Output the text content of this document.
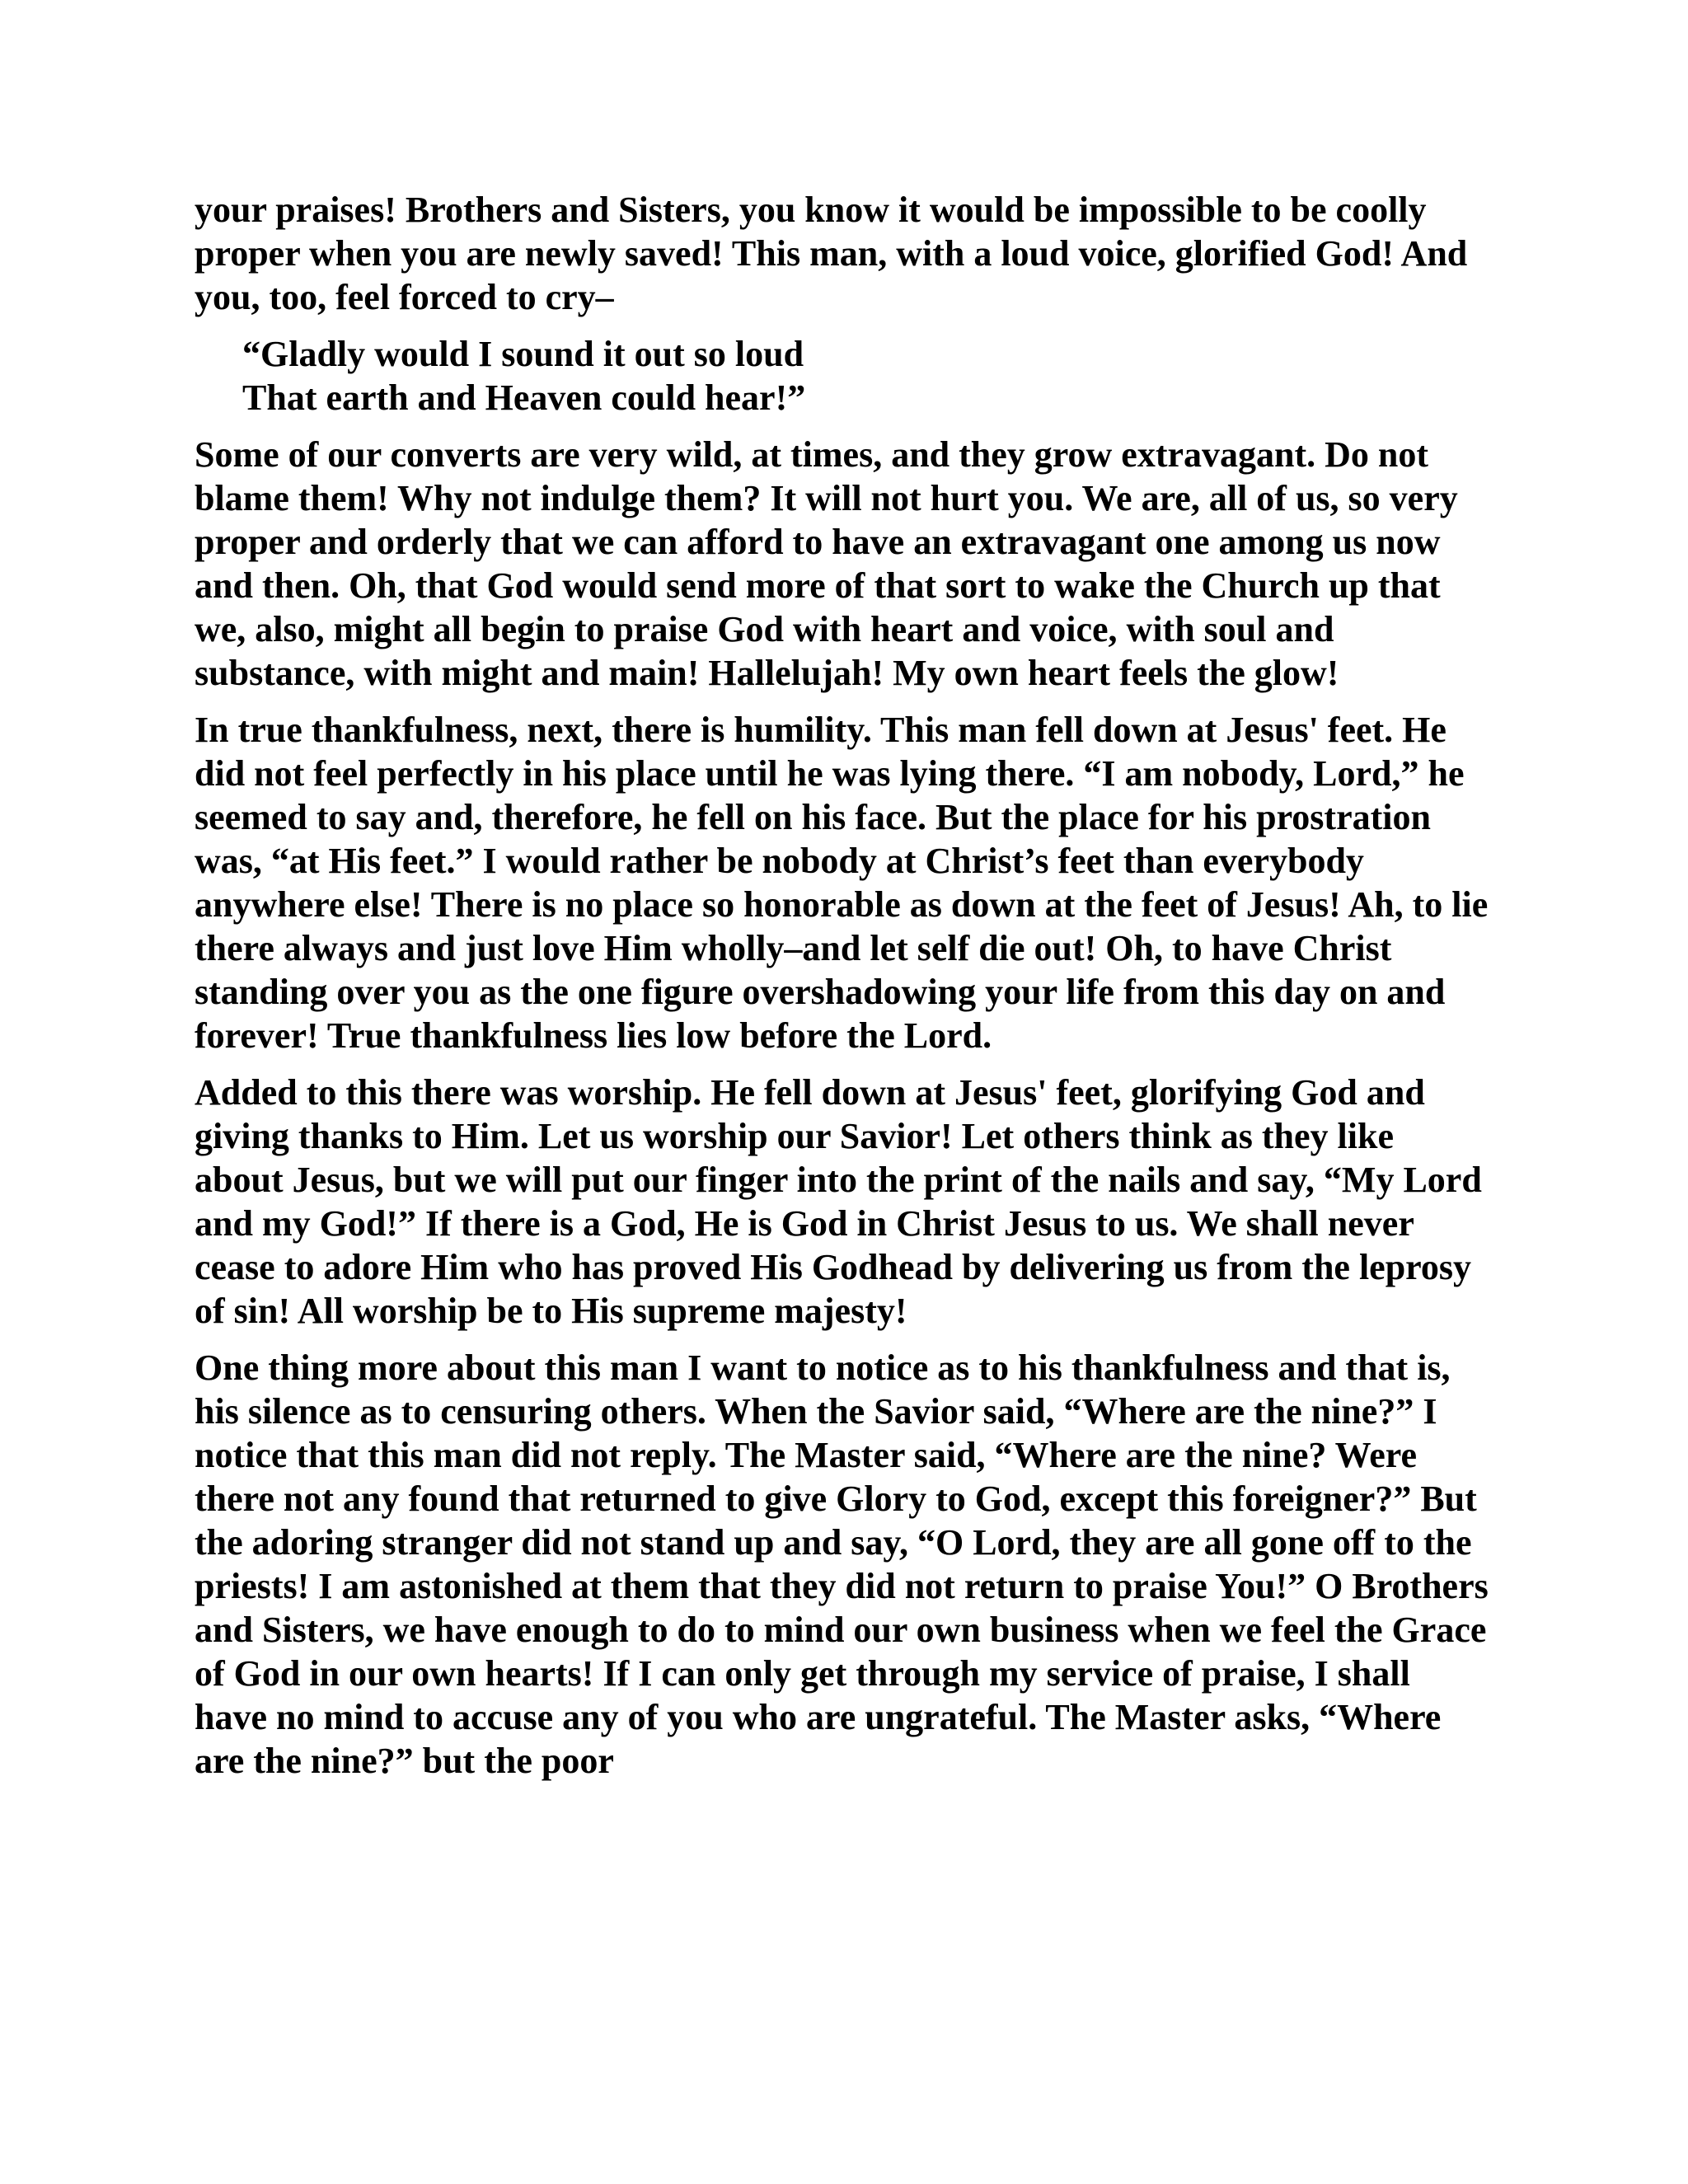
your praises! Brothers and Sisters, you know it would be impossible to be coolly proper when you are newly saved! This man, with a loud voice, glorified God! And you, too, feel forced to cry–

“Gladly would I sound it out so loud
That earth and Heaven could hear!”

Some of our converts are very wild, at times, and they grow extravagant. Do not blame them! Why not indulge them? It will not hurt you. We are, all of us, so very proper and orderly that we can afford to have an extravagant one among us now and then. Oh, that God would send more of that sort to wake the Church up that we, also, might all begin to praise God with heart and voice, with soul and substance, with might and main! Hallelujah! My own heart feels the glow!

In true thankfulness, next, there is humility. This man fell down at Jesus' feet. He did not feel perfectly in his place until he was lying there. “I am nobody, Lord,” he seemed to say and, therefore, he fell on his face. But the place for his prostration was, “at His feet.” I would rather be nobody at Christ’s feet than everybody anywhere else! There is no place so honorable as down at the feet of Jesus! Ah, to lie there always and just love Him wholly–and let self die out! Oh, to have Christ standing over you as the one figure overshadowing your life from this day on and forever! True thankfulness lies low before the Lord.

Added to this there was worship. He fell down at Jesus' feet, glorifying God and giving thanks to Him. Let us worship our Savior! Let others think as they like about Jesus, but we will put our finger into the print of the nails and say, “My Lord and my God!” If there is a God, He is God in Christ Jesus to us. We shall never cease to adore Him who has proved His Godhead by delivering us from the leprosy of sin! All worship be to His supreme majesty!

One thing more about this man I want to notice as to his thankfulness and that is, his silence as to censuring others. When the Savior said, “Where are the nine?” I notice that this man did not reply. The Master said, “Where are the nine? Were there not any found that returned to give Glory to God, except this foreigner?” But the adoring stranger did not stand up and say, “O Lord, they are all gone off to the priests! I am astonished at them that they did not return to praise You!” O Brothers and Sisters, we have enough to do to mind our own business when we feel the Grace of God in our own hearts! If I can only get through my service of praise, I shall have no mind to accuse any of you who are ungrateful. The Master asks, “Where are the nine?” but the poor
